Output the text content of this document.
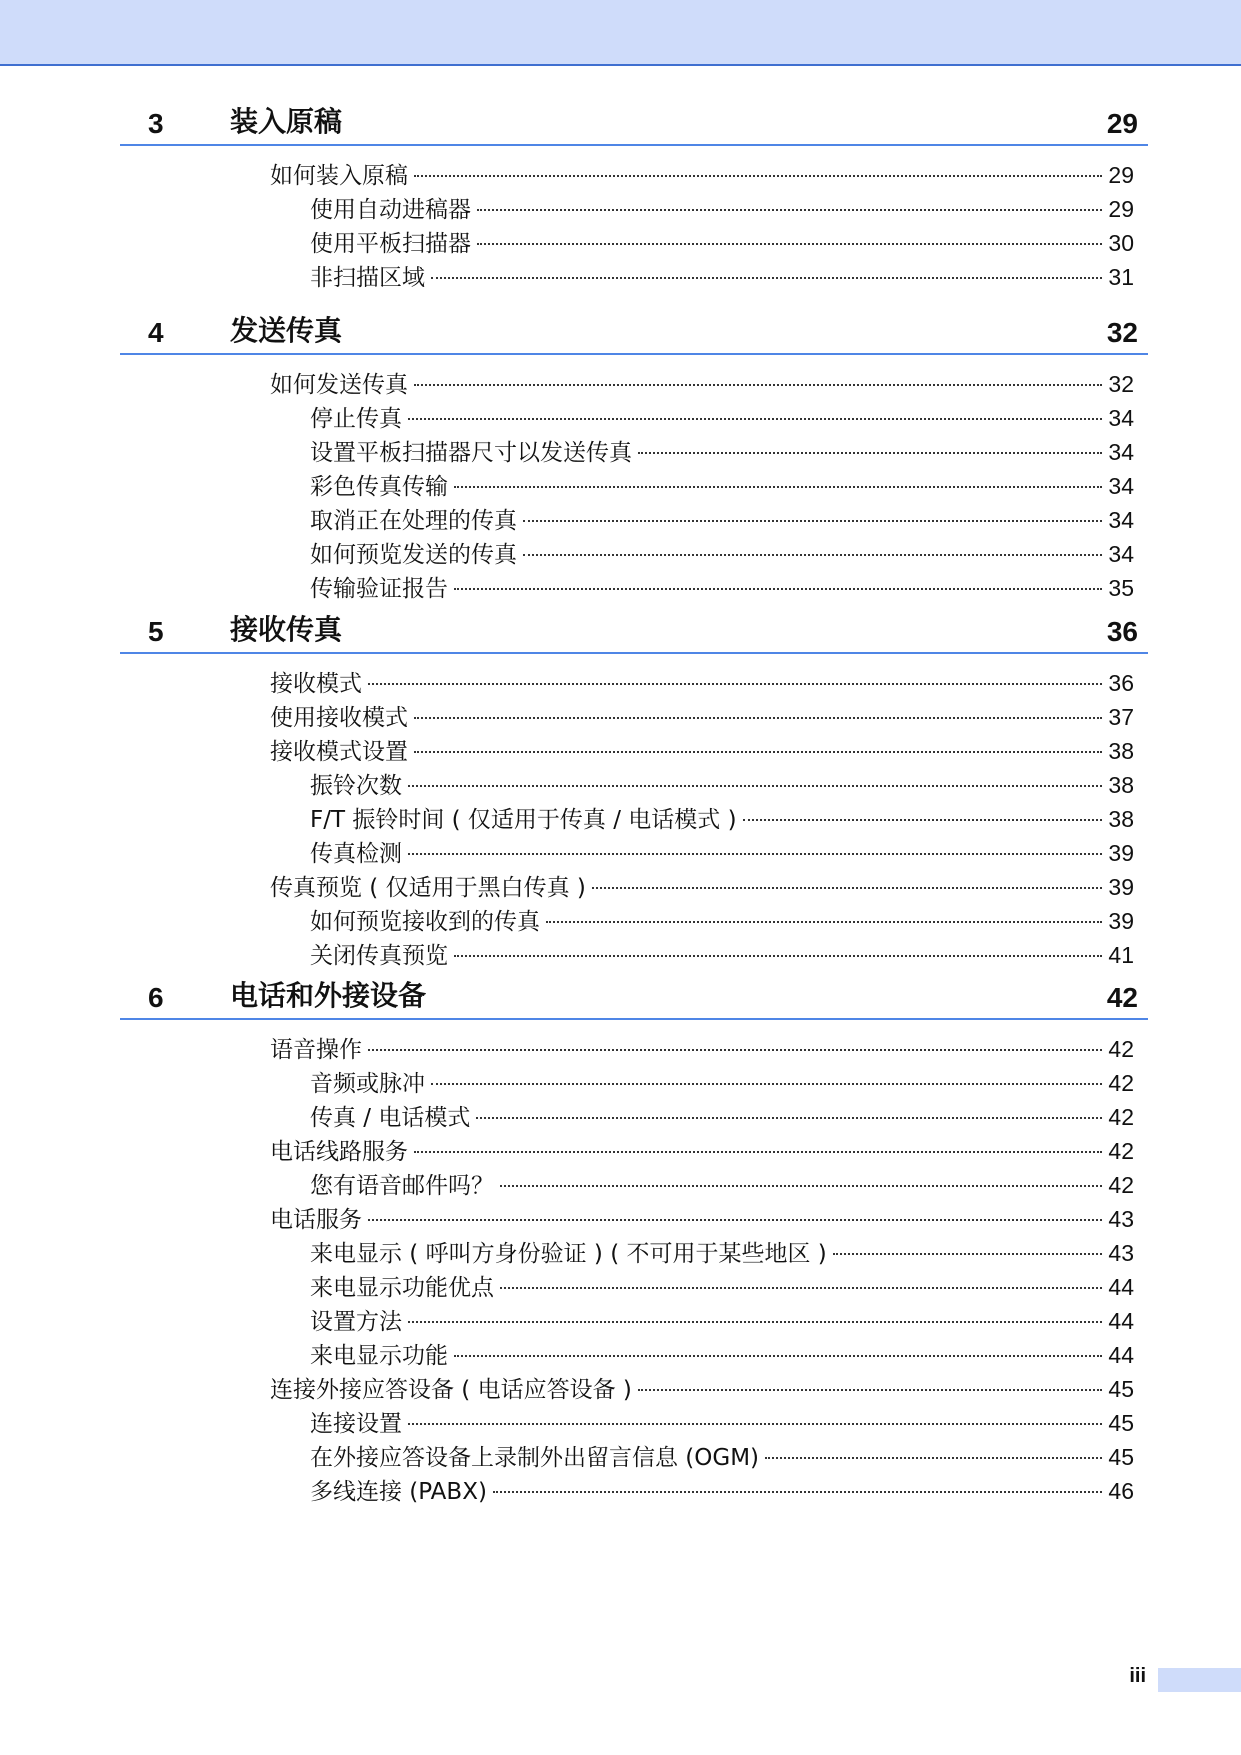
3 装入原稿	29
如何装入原稿	29
使用自动进稿器	29
使用平板扫描器	30
非扫描区域	31
4 发送传真	32
如何发送传真	32
停止传真	34
设置平板扫描器尺寸以发送传真	34
彩色传真传输	34
取消正在处理的传真	34
如何预览发送的传真	34
传输验证报告	35
5 接收传真	36
接收模式	36
使用接收模式	37
接收模式设置	38
振铃次数	38
F/T 振铃时间 ( 仅适用于传真 / 电话模式 )	38
传真检测	39
传真预览 ( 仅适用于黑白传真 )	39
如何预览接收到的传真	39
关闭传真预览	41
6 电话和外接设备	42
语音操作	42
音频或脉冲	42
传真 / 电话模式	42
电话线路服务	42
您有语音邮件吗？	42
电话服务	43
来电显示 ( 呼叫方身份验证 ) ( 不可用于某些地区 )	43
来电显示功能优点	44
设置方法	44
来电显示功能	44
连接外接应答设备 ( 电话应答设备 )	45
连接设置	45
在外接应答设备上录制外出留言信息 (OGM)	45
多线连接 (PABX)	46
iii
